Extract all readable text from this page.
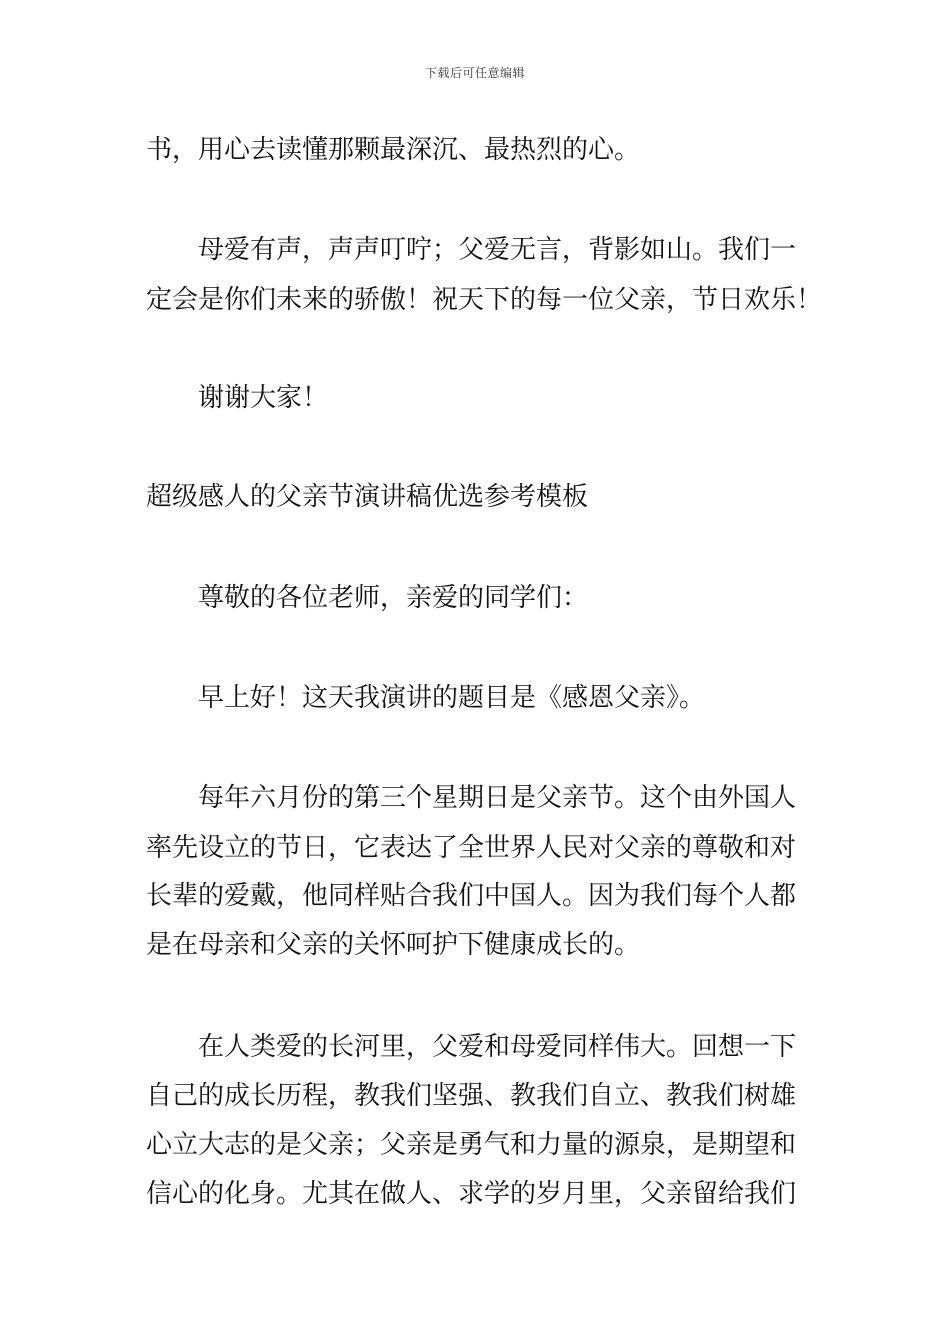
下载后可任意编辑
书，用心去读懂那颗最深沉、最热烈的心。
母爱有声，声声叮咛；父爱无言，背影如山。我们一
定会是你们未来的骄傲！祝天下的每一位父亲，节日欢乐！
谢谢大家！
超级感人的父亲节演讲稿优选参考模板
尊敬的各位老师，亲爱的同学们：
早上好！这天我演讲的题目是《感恩父亲》。
每年六月份的第三个星期日是父亲节。这个由外国人
率先设立的节日，它表达了全世界人民对父亲的尊敬和对
长辈的爱戴，他同样贴合我们中国人。因为我们每个人都
是在母亲和父亲的关怀呵护下健康成长的。
在人类爱的长河里，父爱和母爱同样伟大。回想一下
自己的成长历程，教我们坚强、教我们自立、教我们树雄
心立大志的是父亲；父亲是勇气和力量的源泉，是期望和
信心的化身。尤其在做人、求学的岁月里，父亲留给我们
